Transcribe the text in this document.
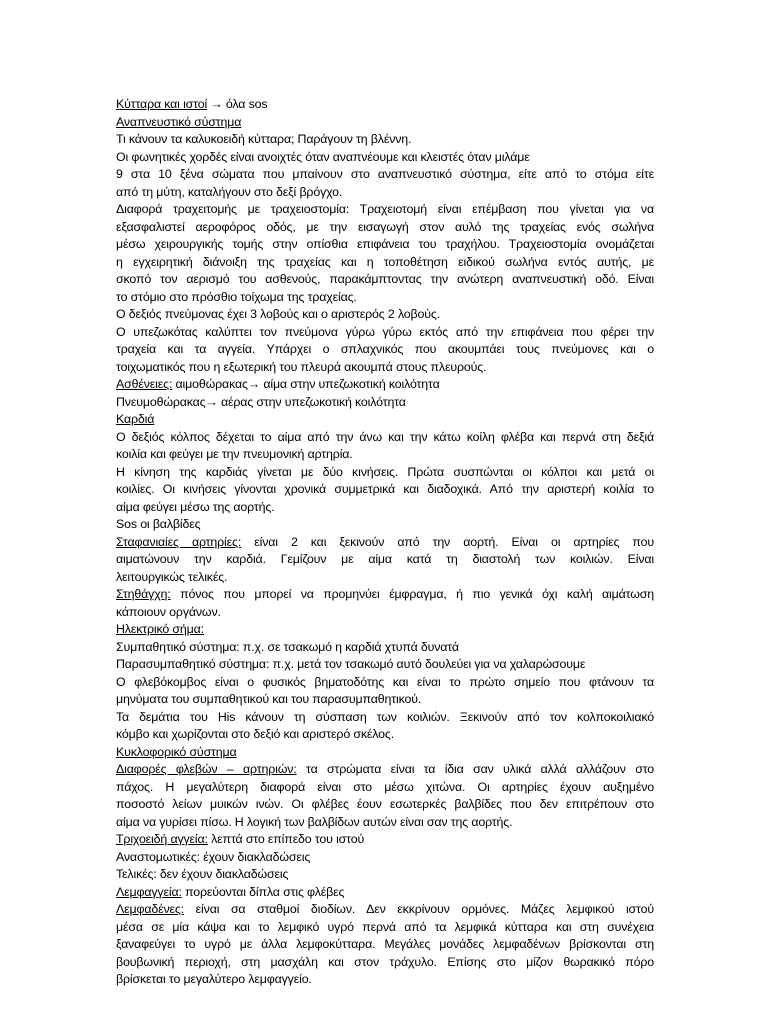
Κύτταρα και ιστοί → όλα sos
Αναπνευστικό σύστημα
Τι κάνουν τα καλυκοειδή κύτταρα; Παράγουν τη βλέννη.
Οι φωνητικές χορδές είναι ανοιχτές όταν αναπνέουμε και κλειστές όταν μιλάμε
9 στα 10 ξένα σώματα που μπαίνουν στο αναπνευστικό σύστημα, είτε από το στόμα είτε
από τη μύτη, καταλήγουν στο δεξί βρόγχο.
Διαφορά τραχειτομής με τραχειοστομία: Τραχειοτομή είναι επέμβαση που γίνεται για να
εξασφαλιστεί αεροφόρος οδός, με την εισαγωγή στον αυλό της τραχείας ενός σωλήνα
μέσω χειρουργικής τομής στην οπίσθια επιφάνεια του τραχήλου. Τραχειοστομία ονομάζεται
η εγχειρητική διάνοιξη της τραχείας και η τοποθέτηση ειδικού σωλήνα εντός αυτής, με
σκοπό τον αερισμό του ασθενούς, παρακάμπτοντας την ανώτερη αναπνευστική οδό. Είναι
το στόμιο στο πρόσθιο τοίχωμα της τραχείας.
Ο δεξιός πνεύμονας έχει 3 λοβούς και ο αριστερός 2 λοβούς.
Ο υπεζωκότας καλύπτει τον πνεύμονα γύρω γύρω εκτός από την επιφάνεια που φέρει την
τραχεία και τα αγγεία. Υπάρχει ο σπλαχνικός που ακουμπάει τους πνεύμονες και ο
τοιχωματικός που η εξωτερική του πλευρά ακουμπά στους πλευρούς.
Ασθένειες: αιμοθώρακας→ αίμα στην υπεζωκοτική κοιλότητα
Πνευμοθώρακας→ αέρας στην υπεζωκοτική κοιλότητα
Καρδιά
Ο δεξιός κόλπος δέχεται το αίμα από την άνω και την κάτω κοίλη φλέβα και περνά στη δεξιά
κοιλία και φεύγει με την πνευμονική αρτηρία.
Η κίνηση της καρδιάς γίνεται με δύο κινήσεις. Πρώτα συσπώνται οι κόλποι και μετά οι
κοιλίες. Οι κινήσεις γίνονται χρονικά συμμετρικά και διαδοχικά. Από την αριστερή κοιλία το
αίμα φεύγει μέσω της αορτής.
Sos οι βαλβίδες
Σταφανιαίες αρτηρίες: είναι 2 και ξεκινούν από την αορτή. Είναι οι αρτηρίες που
αιματώνουν την καρδιά. Γεμίζουν με αίμα κατά τη διαστολή των κοιλιών. Είναι
λειτουργικώς τελικές.
Στηθάγχη: πόνος που μπορεί να προμηνύει έμφραγμα, ή πιο γενικά όχι καλή αιμάτωση
κάποιουν οργάνων.
Ηλεκτρικό σήμα:
Συμπαθητικό σύστημα: π.χ. σε τσακωμό η καρδιά χτυπά δυνατά
Παρασυμπαθητικό σύστημα: π.χ. μετά τον τσακωμό αυτό δουλεύει για να χαλαρώσουμε
Ο φλεβόκομβος είναι ο φυσικός βηματοδότης και είναι το πρώτο σημείο που φτάνουν τα
μηνύματα του συμπαθητικού και του παρασυμπαθητικού.
Τα δεμάτια του His κάνουν τη σύσπαση των κοιλιών. Ξεκινούν από τον κολποκοιλιακό
κόμβο και χωρίζονται στο δεξιό και αριστερό σκέλος.
Κυκλοφορικό σύστημα
Διαφορές φλεβών – αρτηριών: τα στρώματα είναι τα ίδια σαν υλικά αλλά αλλάζουν στο
πάχος. Η μεγαλύτερη διαφορά είναι στο μέσω χιτώνα. Οι αρτηρίες έχουν αυξημένο
ποσοστό λείων μυικών ινών. Οι φλέβες έουν εσωτερκές βαλβίδες που δεν επιτρέπουν στο
αίμα να γυρίσει πίσω. Η λογική των βαλβίδων αυτών είναι σαν της αορτής.
Τριχοειδή αγγεία: λεπτά στο επίπεδο του ιστού
Αναστομωτικές: έχουν διακλαδώσεις
Τελικές: δεν έχουν διακλαδώσεις
Λεμφαγγεία: πορεύονται δίπλα στις φλέβες
Λεμφαδένες: είναι σα σταθμοί διοδίων. Δεν εκκρίνουν ορμόνες. Μάζες λεμφικού ιστού
μέσα σε μία κάψα και το λεμφικό υγρό περνά από τα λεμφικά κύτταρα και στη συνέχεια
ξαναφεύγει το υγρό με άλλα λεμφοκύτταρα. Μεγάλες μονάδες λεμφαδένων βρίσκονται στη
βουβωνική περιοχή, στη μασχάλη και στον τράχυλο. Επίσης στο μίζον θωρακικό πόρο
βρίσκεται το μεγαλύτερο λεμφαγγείο.
